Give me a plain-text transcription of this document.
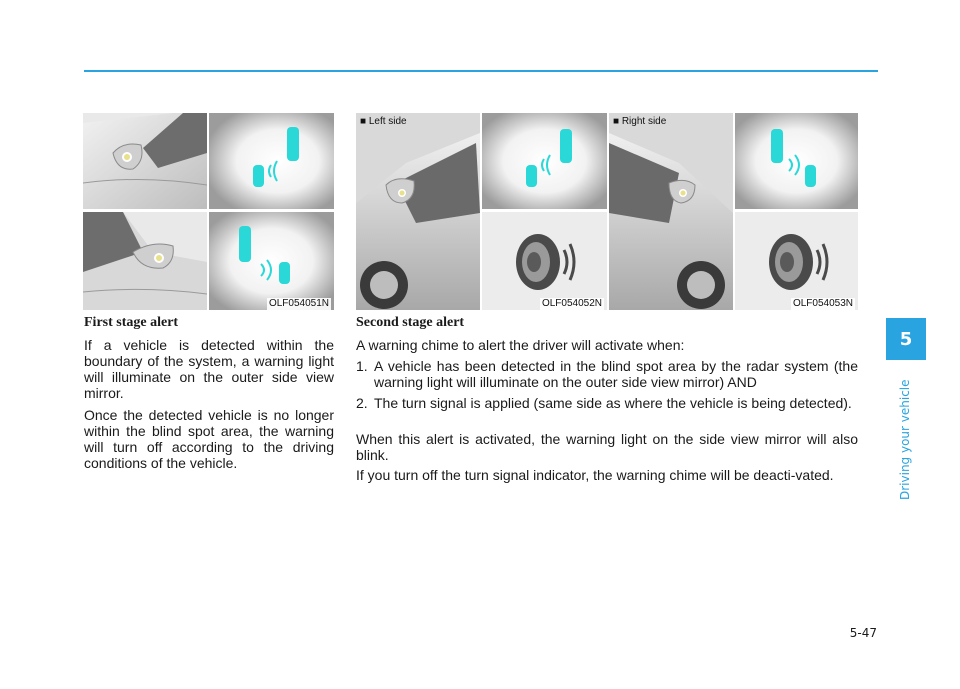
OLF054051N
■ Left side
OLF054052N
■ Right side
OLF054053N
First stage alert

If a vehicle is detected within the boundary of the system, a warning light will illuminate on the outer side view mirror.

Once the detected vehicle is no longer within the blind spot area, the warning will turn off according to the driving conditions of the vehicle.

Second stage alert

A warning chime to alert the driver will activate when:

1. A vehicle has been detected in the blind spot area by the radar system (the warning light will illuminate on the outer side view mirror) AND

2. The turn signal is applied (same side as where the vehicle is being detected).

When this alert is activated, the warning light on the side view mirror will also blink.

If you turn off the turn signal indicator, the warning chime will be deacti-vated.

5
Driving your vehicle
5-47
